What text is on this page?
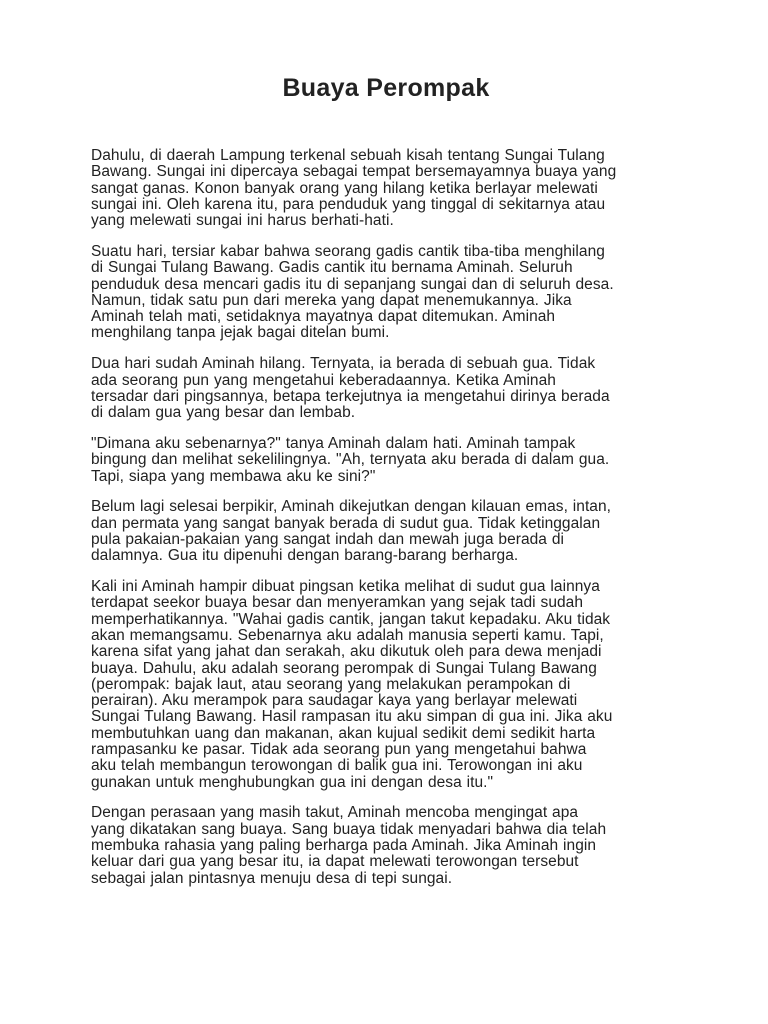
Buaya Perompak

Dahulu, di daerah Lampung terkenal sebuah kisah tentang Sungai Tulang
Bawang. Sungai ini dipercaya sebagai tempat bersemayamnya buaya yang
sangat ganas. Konon banyak orang yang hilang ketika berlayar melewati
sungai ini. Oleh karena itu, para penduduk yang tinggal di sekitarnya atau
yang melewati sungai ini harus berhati-hati.

Suatu hari, tersiar kabar bahwa seorang gadis cantik tiba-tiba menghilang
di Sungai Tulang Bawang. Gadis cantik itu bernama Aminah. Seluruh
penduduk desa mencari gadis itu di sepanjang sungai dan di seluruh desa.
Namun, tidak satu pun dari mereka yang dapat menemukannya. Jika
Aminah telah mati, setidaknya mayatnya dapat ditemukan. Aminah
menghilang tanpa jejak bagai ditelan bumi.

Dua hari sudah Aminah hilang. Ternyata, ia berada di sebuah gua. Tidak
ada seorang pun yang mengetahui keberadaannya. Ketika Aminah
tersadar dari pingsannya, betapa terkejutnya ia mengetahui dirinya berada
di dalam gua yang besar dan lembab.

"Dimana aku sebenarnya?" tanya Aminah dalam hati. Aminah tampak
bingung dan melihat sekelilingnya. "Ah, ternyata aku berada di dalam gua.
Tapi, siapa yang membawa aku ke sini?"

Belum lagi selesai berpikir, Aminah dikejutkan dengan kilauan emas, intan,
dan permata yang sangat banyak berada di sudut gua. Tidak ketinggalan
pula pakaian-pakaian yang sangat indah dan mewah juga berada di
dalamnya. Gua itu dipenuhi dengan barang-barang berharga.

Kali ini Aminah hampir dibuat pingsan ketika melihat di sudut gua lainnya
terdapat seekor buaya besar dan menyeramkan yang sejak tadi sudah
memperhatikannya. "Wahai gadis cantik, jangan takut kepadaku. Aku tidak
akan memangsamu. Sebenarnya aku adalah manusia seperti kamu. Tapi,
karena sifat yang jahat dan serakah, aku dikutuk oleh para dewa menjadi
buaya. Dahulu, aku adalah seorang perompak di Sungai Tulang Bawang
(perompak: bajak laut, atau seorang yang melakukan perampokan di
perairan). Aku merampok para saudagar kaya yang berlayar melewati
Sungai Tulang Bawang. Hasil rampasan itu aku simpan di gua ini. Jika aku
membutuhkan uang dan makanan, akan kujual sedikit demi sedikit harta
rampasanku ke pasar. Tidak ada seorang pun yang mengetahui bahwa
aku telah membangun terowongan di balik gua ini. Terowongan ini aku
gunakan untuk menghubungkan gua ini dengan desa itu."

Dengan perasaan yang masih takut, Aminah mencoba mengingat apa
yang dikatakan sang buaya. Sang buaya tidak menyadari bahwa dia telah
membuka rahasia yang paling berharga pada Aminah. Jika Aminah ingin
keluar dari gua yang besar itu, ia dapat melewati terowongan tersebut
sebagai jalan pintasnya menuju desa di tepi sungai.
